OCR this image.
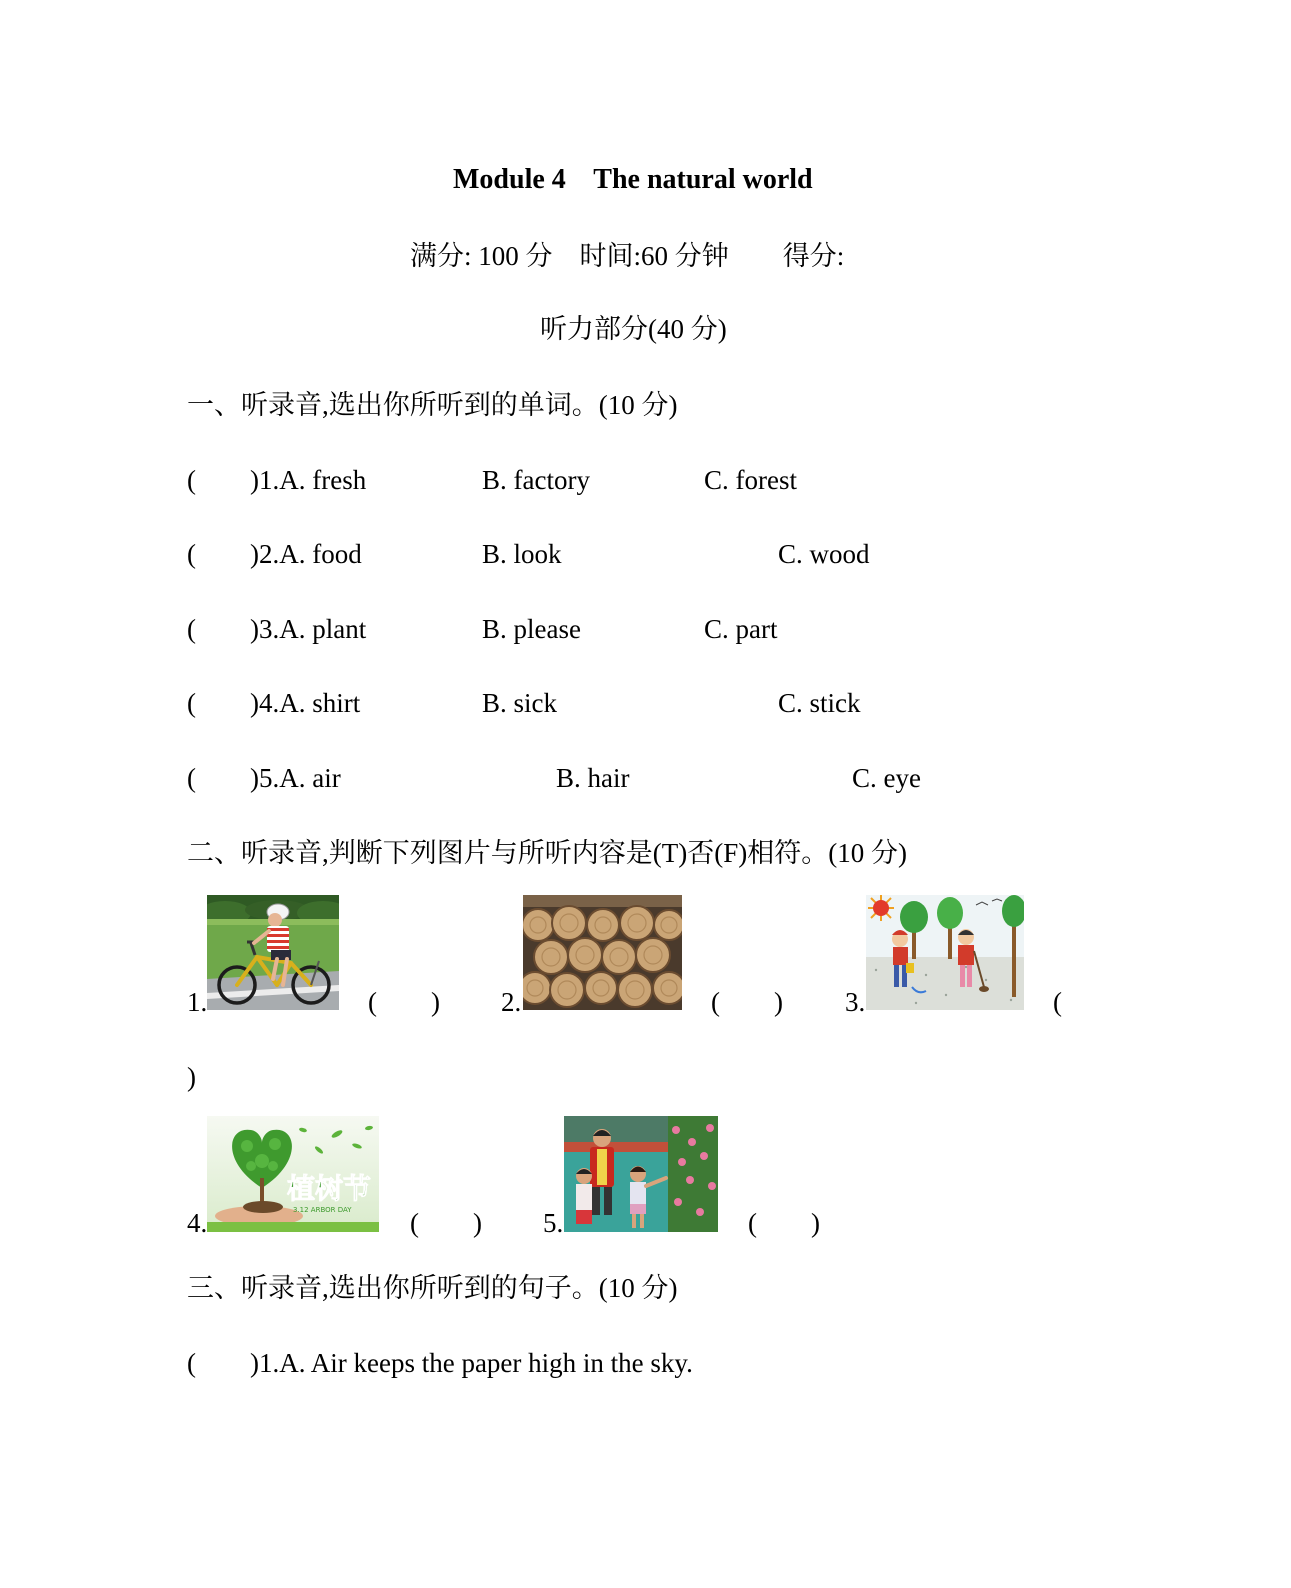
Module 4    The natural world
满分: 100 分    时间:60 分钟        得分:
听力部分(40 分)
一、听录音,选出你所听到的单词。(10 分)
(        )1.A. fresh	B. factory	C. forest
(        )2.A. food	B. look	C. wood
(        )3.A. plant	B. please	C. part
(        )4.A. shirt	B. sick	C. stick
(        )5.A. air	B. hair	C. eye
二、听录音,判断下列图片与所听内容是(T)否(F)相符。(10 分)
1.	(        ) 2.	(        ) 3.	(
)
4.
植树节
3.12 ARBOR DAY (        ) 5.	(        )
三、听录音,选出你所听到的句子。(10 分)
(        )1.A. Air keeps the paper high in the sky.
